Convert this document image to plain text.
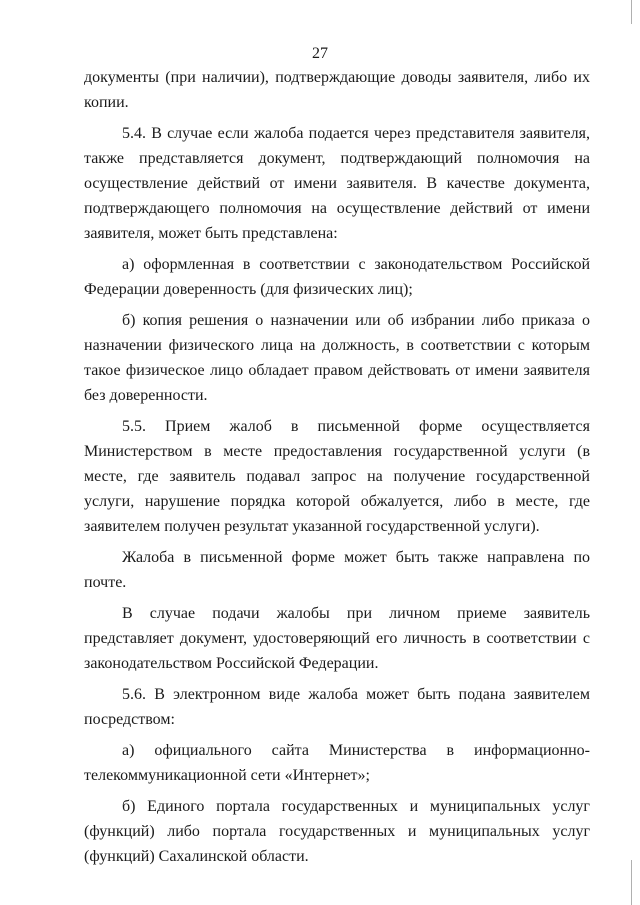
27

документы (при наличии), подтверждающие доводы заявителя, либо их копии.

5.4. В случае если жалоба подается через представителя заявителя, также представляется документ, подтверждающий полномочия на осуществление действий от имени заявителя. В качестве документа, подтверждающего полномочия на осуществление действий от имени заявителя, может быть представлена:

а) оформленная в соответствии с законодательством Российской Федерации доверенность (для физических лиц);

б) копия решения о назначении или об избрании либо приказа о назначении физического лица на должность, в соответствии с которым такое физическое лицо обладает правом действовать от имени заявителя без доверенности.

5.5. Прием жалоб в письменной форме осуществляется Министерством в месте предоставления государственной услуги (в месте, где заявитель подавал запрос на получение государственной услуги, нарушение порядка которой обжалуется, либо в месте, где заявителем получен результат указанной государственной услуги).

Жалоба в письменной форме может быть также направлена по почте.

В случае подачи жалобы при личном приеме заявитель представляет документ, удостоверяющий его личность в соответствии с законодательством Российской Федерации.

5.6. В электронном виде жалоба может быть подана заявителем посредством:

а) официального сайта Министерства в информационно-телекоммуникационной сети «Интернет»;

б) Единого портала государственных и муниципальных услуг (функций) либо портала государственных и муниципальных услуг (функций) Сахалинской области.
